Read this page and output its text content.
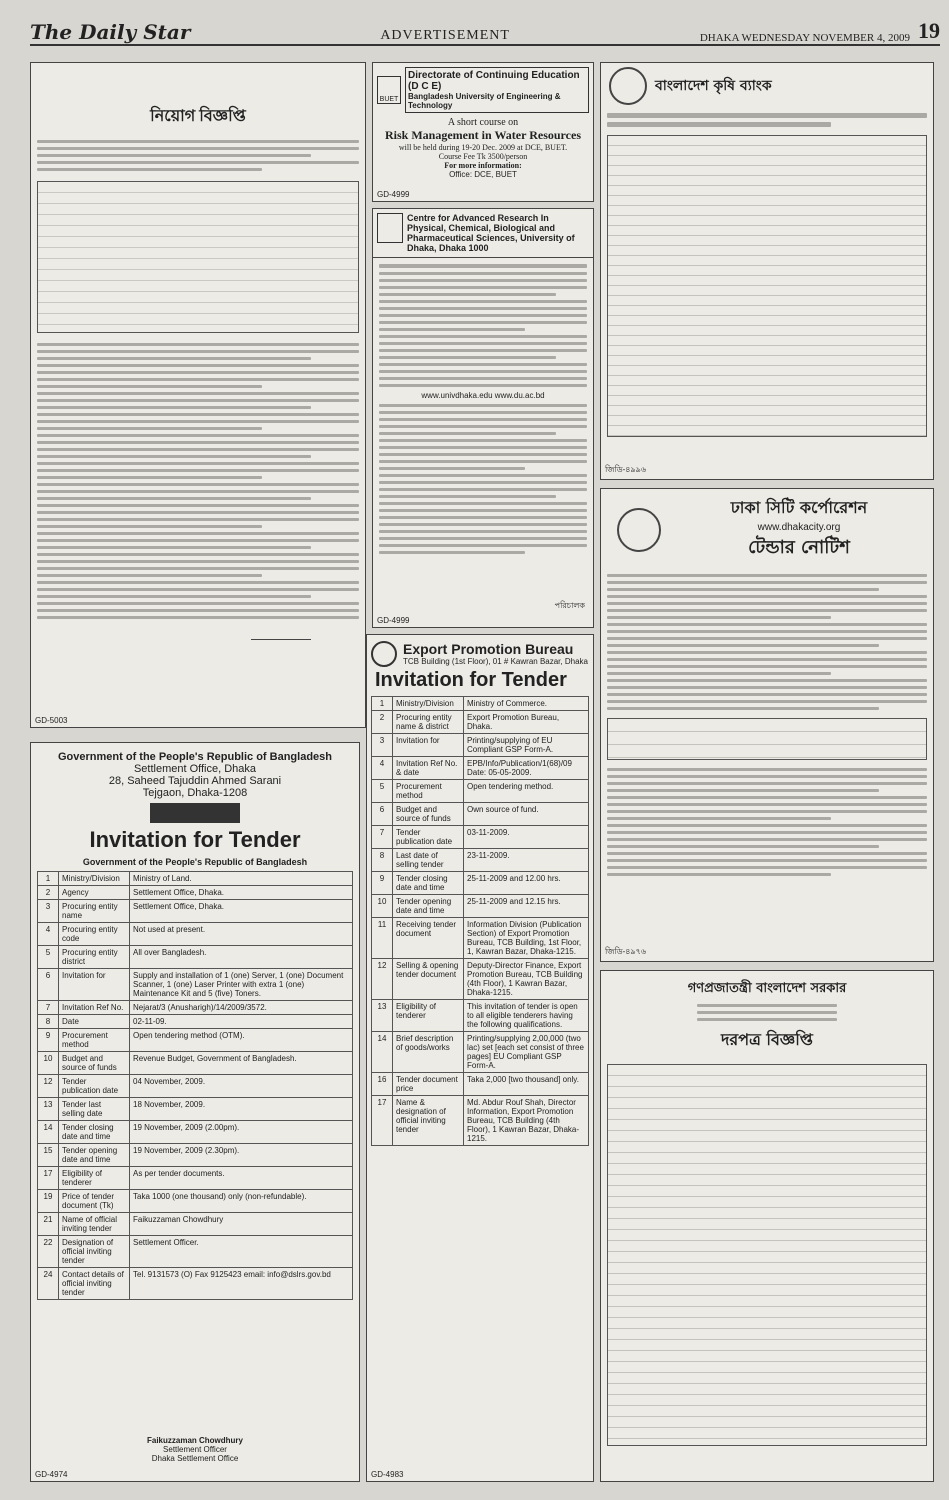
The Daily Star	ADVERTISEMENT	DHAKA WEDNESDAY NOVEMBER 4, 2009 19
নিয়োগ বিজ্ঞপ্তি
GD-5003
BUET
Directorate of Continuing Education (D C E)
Bangladesh University of Engineering & Technology
A short course on
Risk Management in Water Resources
will be held during 19-20 Dec. 2009 at DCE, BUET.
Course Fee Tk 3500/person
For more information:
Office: DCE, BUET
GD-4999
Centre for Advanced Research In Physical, Chemical, Biological and Pharmaceutical Sciences, University of Dhaka, Dhaka 1000
www.univdhaka.edu www.du.ac.bd
পরিচালক
GD-4999
Export Promotion Bureau
TCB Building (1st Floor), 01 # Kawran Bazar, Dhaka
Invitation for Tender
1	Ministry/Division	Ministry of Commerce.
2	Procuring entity name & district	Export Promotion Bureau, Dhaka.
3	Invitation for	Printing/supplying of EU Compliant GSP Form-A.
4	Invitation Ref No. & date	EPB/Info/Publication/1(68)/09 Date: 05-05-2009.
5	Procurement method	Open tendering method.
6	Budget and source of funds	Own source of fund.
7	Tender publication date	03-11-2009.
8	Last date of selling tender	23-11-2009.
9	Tender closing date and time	25-11-2009 and 12.00 hrs.
10	Tender opening date and time	25-11-2009 and 12.15 hrs.
11	Receiving tender document	Information Division (Publication Section) of Export Promotion Bureau, TCB Building, 1st Floor, 1, Kawran Bazar, Dhaka-1215.
12	Selling & opening tender document	Deputy-Director Finance, Export Promotion Bureau, TCB Building (4th Floor), 1 Kawran Bazar, Dhaka-1215.
13	Eligibility of tenderer	This invitation of tender is open to all eligible tenderers having the following qualifications.
14	Brief description of goods/works	Printing/supplying 2,00,000 (two lac) set [each set consist of three pages] EU Compliant GSP Form-A.
16	Tender document price	Taka 2,000 [two thousand] only.
17	Name & designation of official inviting tender	Md. Abdur Rouf Shah, Director Information, Export Promotion Bureau, TCB Building (4th Floor), 1 Kawran Bazar, Dhaka-1215.
GD-4983
Government of the People's Republic of Bangladesh
Settlement Office, Dhaka
28, Saheed Tajuddin Ahmed Sarani
Tejgaon, Dhaka-1208
Invitation for Tender
Government of the People's Republic of Bangladesh
1	Ministry/Division	Ministry of Land.
2	Agency	Settlement Office, Dhaka.
3	Procuring entity name	Settlement Office, Dhaka.
4	Procuring entity code	Not used at present.
5	Procuring entity district	All over Bangladesh.
6	Invitation for	Supply and installation of 1 (one) Server, 1 (one) Document Scanner, 1 (one) Laser Printer with extra 1 (one) Maintenance Kit and 5 (five) Toners.
7	Invitation Ref No.	Nejarat/3 (Anusharigh)/14/2009/3572.
8	Date	02-11-09.
9	Procurement method	Open tendering method (OTM).
10	Budget and source of funds	Revenue Budget, Government of Bangladesh.
12	Tender publication date	04 November, 2009.
13	Tender last selling date	18 November, 2009.
14	Tender closing date and time	19 November, 2009 (2.00pm).
15	Tender opening date and time	19 November, 2009 (2.30pm).
17	Eligibility of tenderer	As per tender documents.
19	Price of tender document (Tk)	Taka 1000 (one thousand) only (non-refundable).
21	Name of official inviting tender	Faikuzzaman Chowdhury
22	Designation of official inviting tender	Settlement Officer.
24	Contact details of official inviting tender	Tel. 9131573 (O) Fax 9125423 email: info@dslrs.gov.bd
Faikuzzaman Chowdhury
Settlement Officer
Dhaka Settlement Office
GD-4974
বাংলাদেশ কৃষি ব্যাংক
জিডি-৪৯৯৬
ঢাকা সিটি কর্পোরেশন
www.dhakacity.org
টেন্ডার নোটিশ
জিডি-৪৯৭৬
গণপ্রজাতন্ত্রী বাংলাদেশ সরকার
দরপত্র বিজ্ঞপ্তি
